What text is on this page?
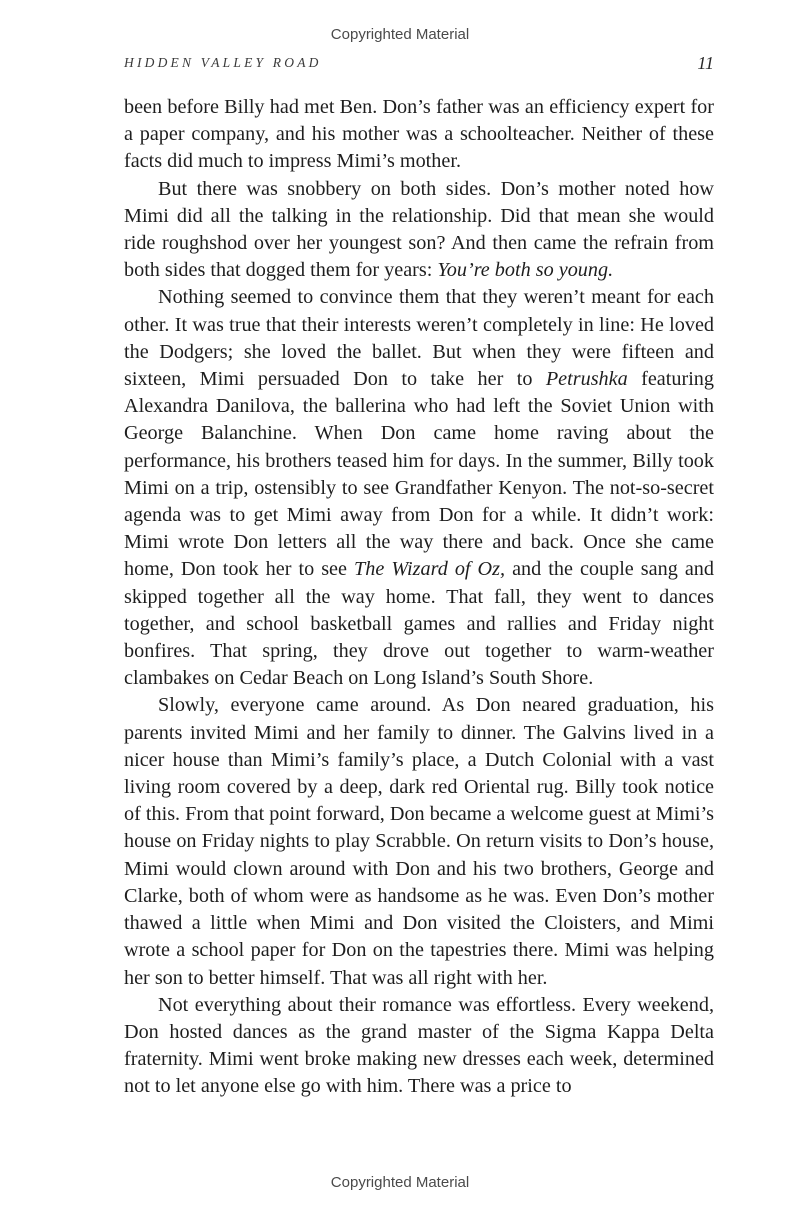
Copyrighted Material
HIDDEN VALLEY ROAD	11

been before Billy had met Ben. Don’s father was an efficiency expert for a paper company, and his mother was a schoolteacher. Neither of these facts did much to impress Mimi’s mother.

But there was snobbery on both sides. Don’s mother noted how Mimi did all the talking in the relationship. Did that mean she would ride roughshod over her youngest son? And then came the refrain from both sides that dogged them for years: You’re both so young.

Nothing seemed to convince them that they weren’t meant for each other. It was true that their interests weren’t completely in line: He loved the Dodgers; she loved the ballet. But when they were fifteen and sixteen, Mimi persuaded Don to take her to Petrushka featuring Alexandra Danilova, the ballerina who had left the Soviet Union with George Balanchine. When Don came home raving about the performance, his brothers teased him for days. In the summer, Billy took Mimi on a trip, ostensibly to see Grandfather Kenyon. The not-so-secret agenda was to get Mimi away from Don for a while. It didn’t work: Mimi wrote Don letters all the way there and back. Once she came home, Don took her to see The Wizard of Oz, and the couple sang and skipped together all the way home. That fall, they went to dances together, and school basketball games and rallies and Friday night bonfires. That spring, they drove out together to warm-weather clambakes on Cedar Beach on Long Island’s South Shore.

Slowly, everyone came around. As Don neared graduation, his parents invited Mimi and her family to dinner. The Galvins lived in a nicer house than Mimi’s family’s place, a Dutch Colonial with a vast living room covered by a deep, dark red Oriental rug. Billy took notice of this. From that point forward, Don became a welcome guest at Mimi’s house on Friday nights to play Scrabble. On return visits to Don’s house, Mimi would clown around with Don and his two brothers, George and Clarke, both of whom were as handsome as he was. Even Don’s mother thawed a little when Mimi and Don visited the Cloisters, and Mimi wrote a school paper for Don on the tapestries there. Mimi was helping her son to better himself. That was all right with her.

Not everything about their romance was effortless. Every weekend, Don hosted dances as the grand master of the Sigma Kappa Delta fraternity. Mimi went broke making new dresses each week, determined not to let anyone else go with him. There was a price to

Copyrighted Material
